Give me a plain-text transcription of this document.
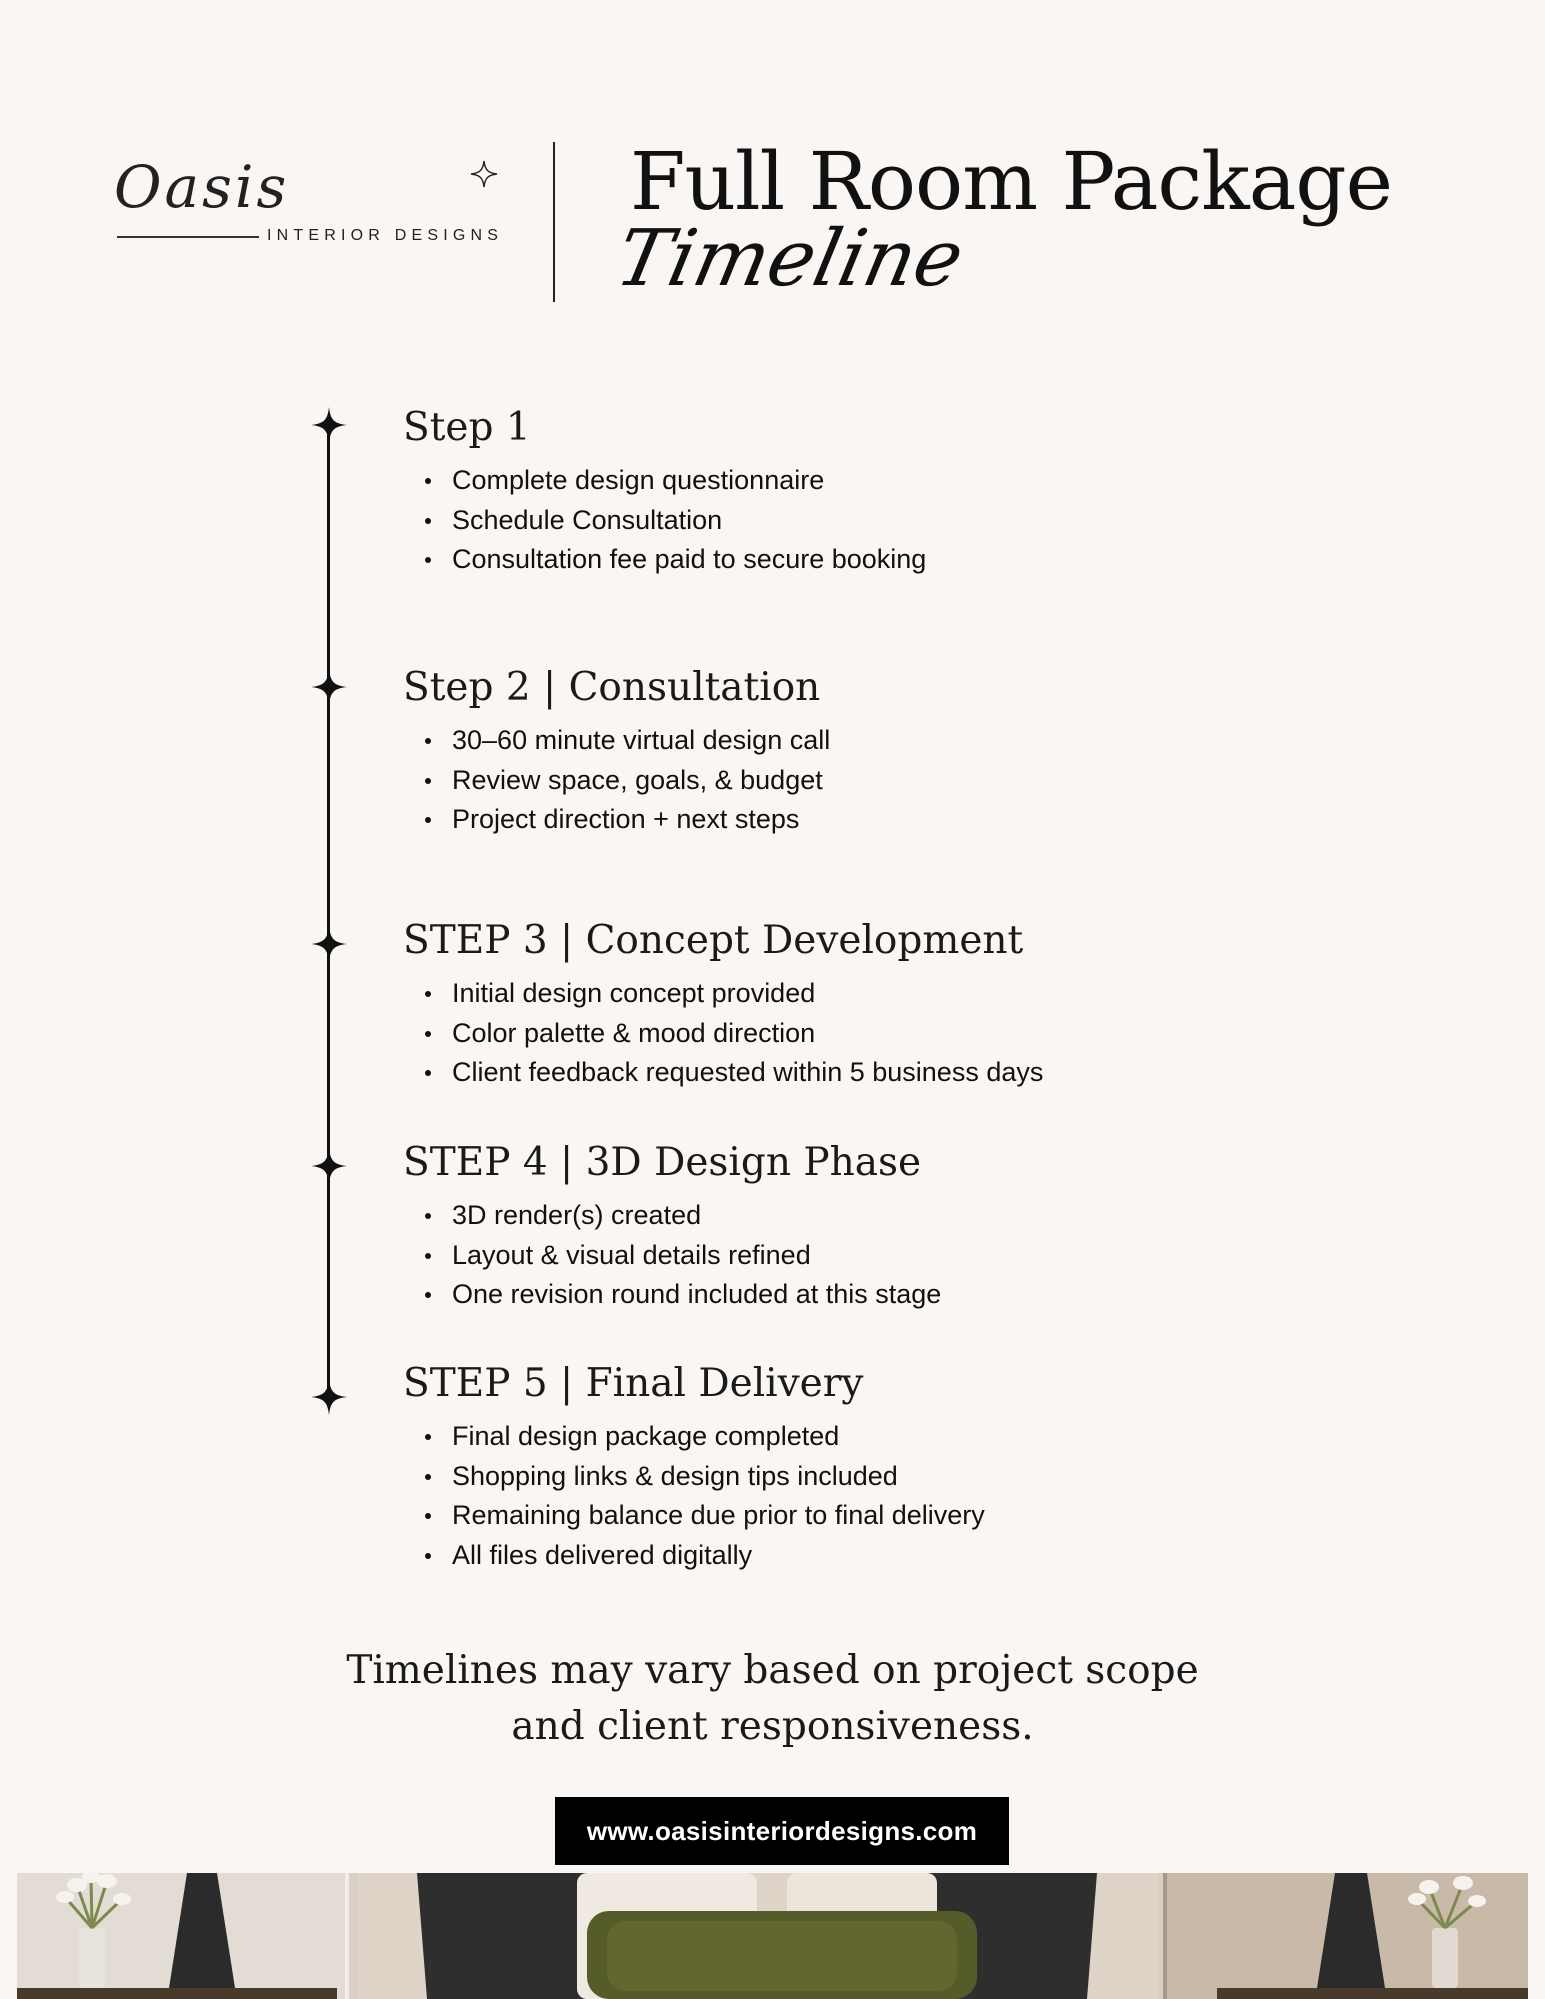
Oasis
INTERIOR DESIGNS
Full Room Package
Timeline
Step 1
Complete design questionnaire
Schedule Consultation
Consultation fee paid to secure booking
Step 2 | Consultation
30–60 minute virtual design call
Review space, goals, & budget
Project direction + next steps
STEP 3 | Concept Development
Initial design concept provided
Color palette & mood direction
Client feedback requested within 5 business days
STEP 4 | 3D Design Phase
3D render(s) created
Layout & visual details refined
One revision round included at this stage
STEP 5 | Final Delivery
Final design package completed
Shopping links & design tips included
Remaining balance due prior to final delivery
All files delivered digitally
Timelines may vary based on project scope
and client responsiveness.
www.oasisinteriordesigns.com
